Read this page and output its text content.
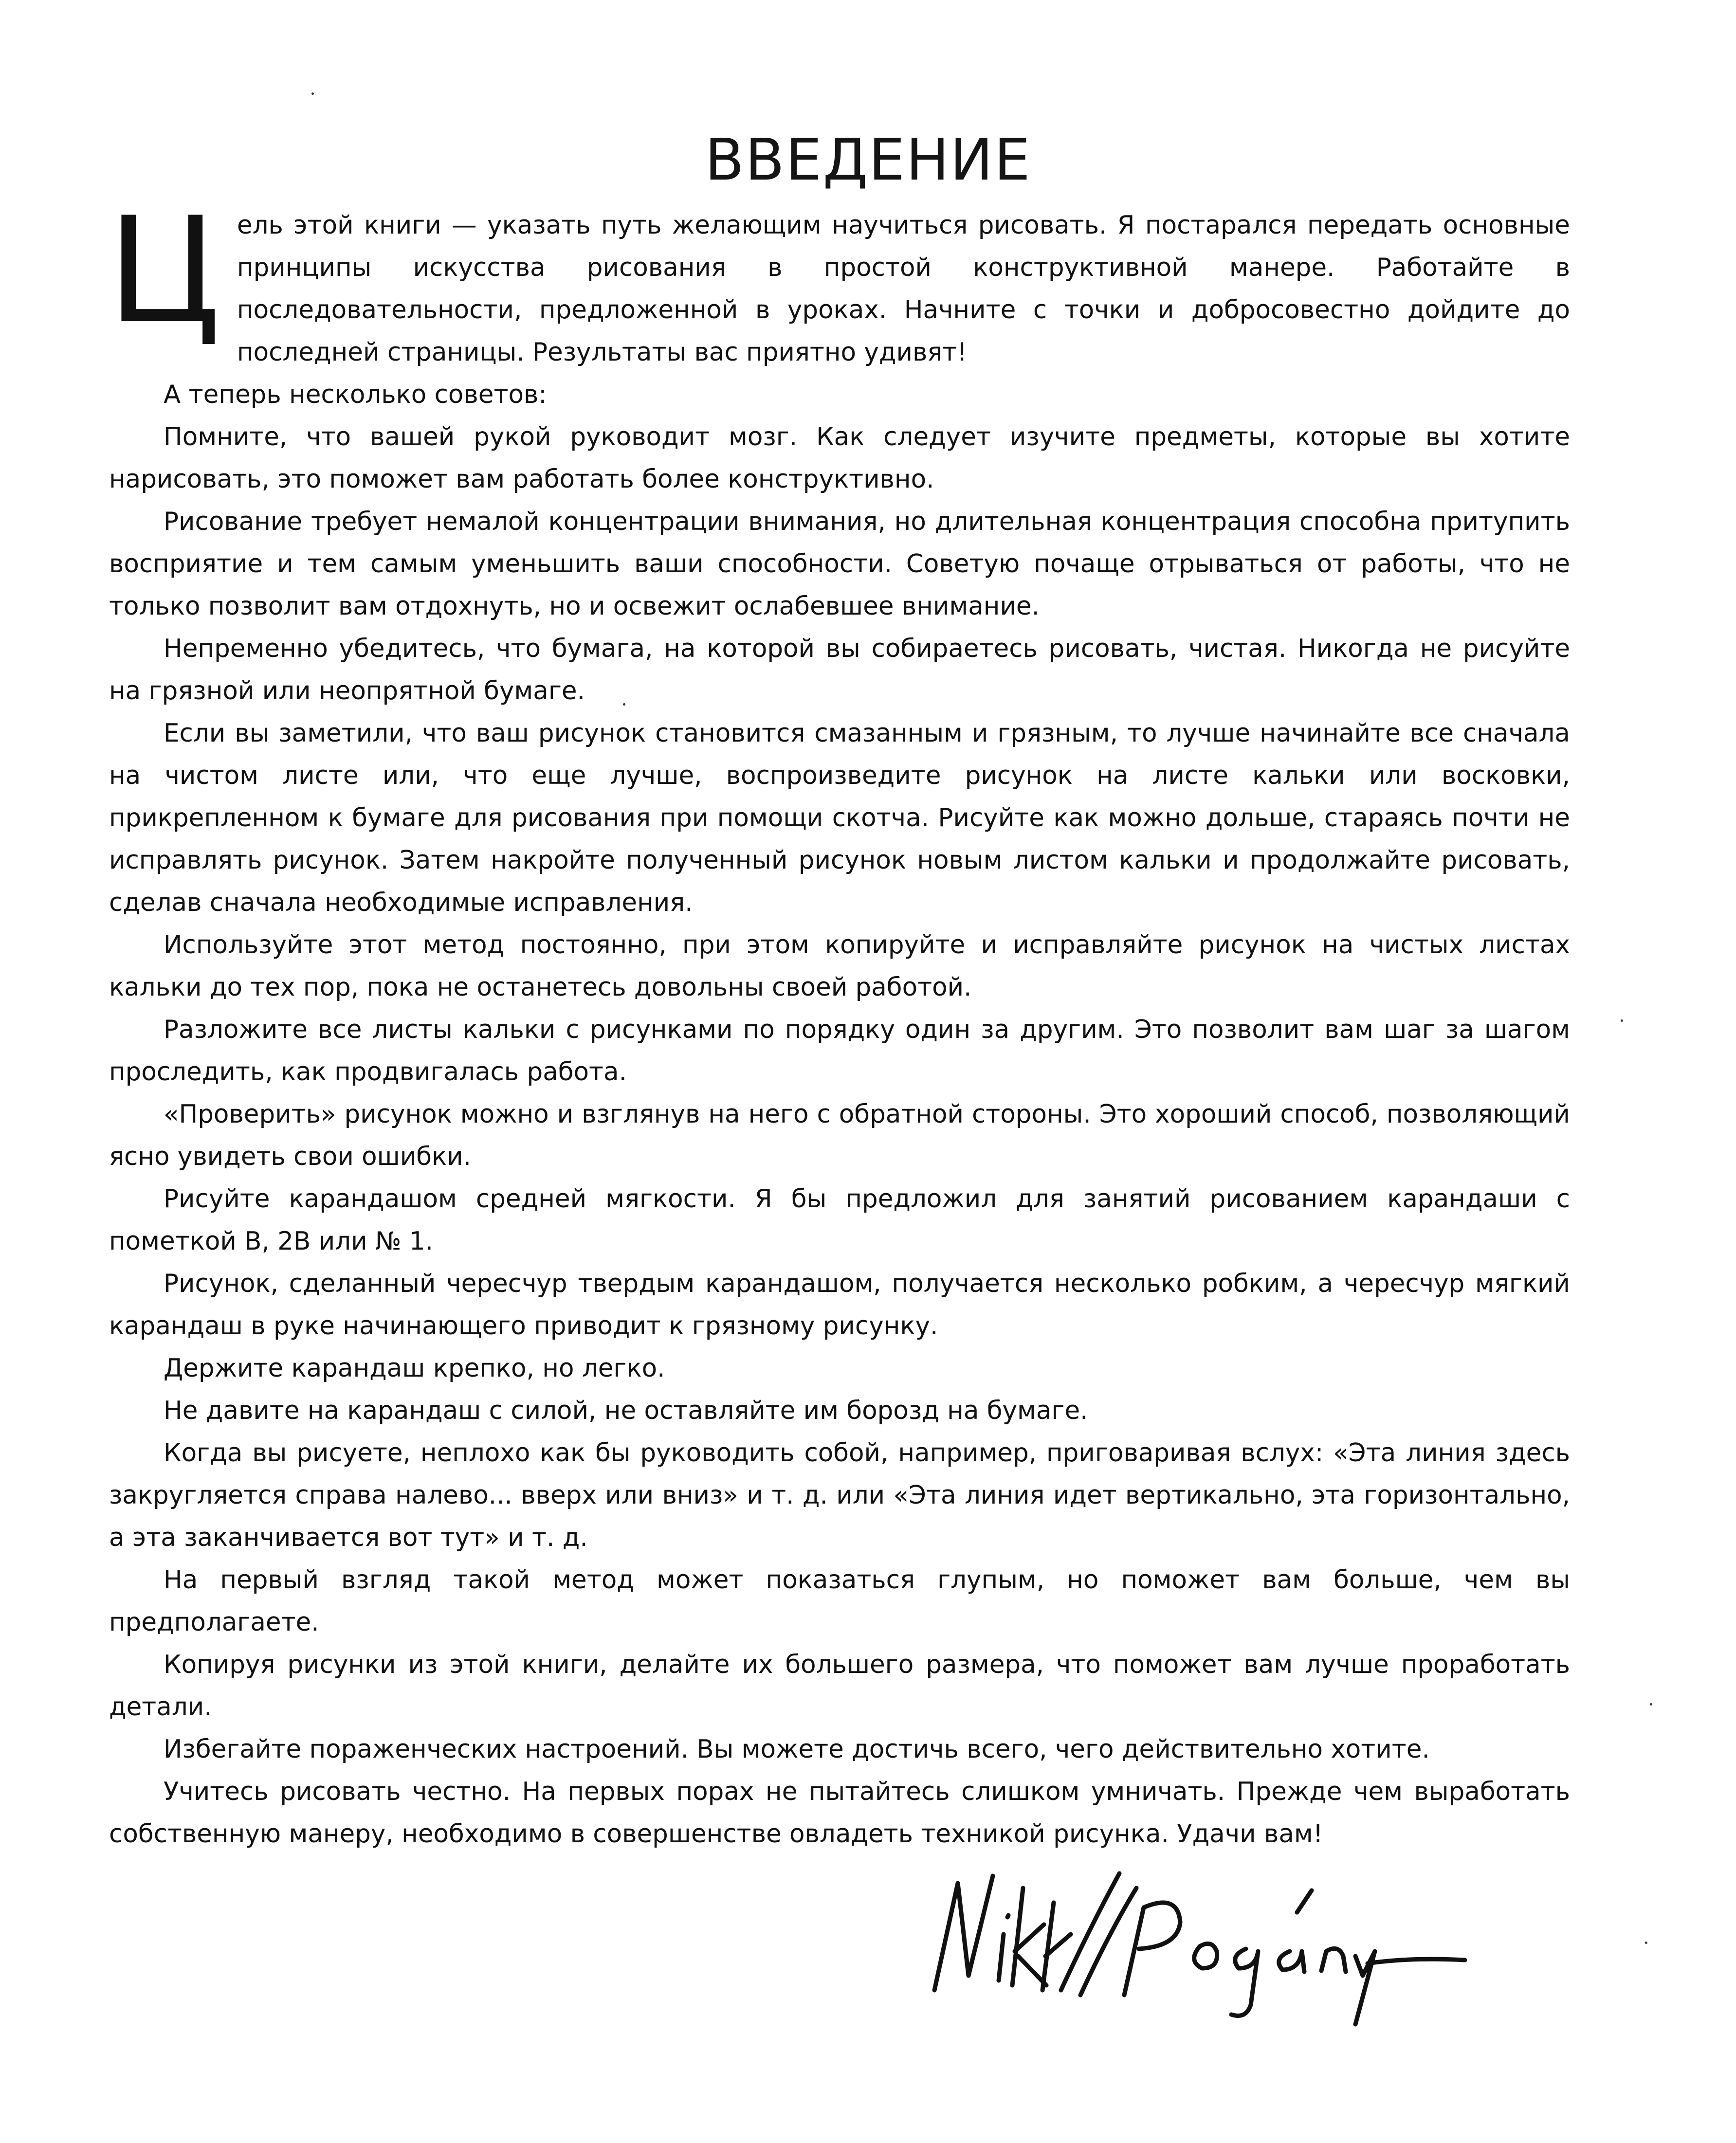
ВВЕДЕНИЕ

Цель этой книги — указать путь желающим научиться рисовать. Я постарался передать основные принципы искусства рисования в простой конструктивной манере. Работайте в последовательности, предложенной в уроках. Начните с точки и добросовестно дойдите до последней страницы. Результаты вас приятно удивят!

А теперь несколько советов:

Помните, что вашей рукой руководит мозг. Как следует изучите предметы, которые вы хотите нарисовать, это поможет вам работать более конструктивно.

Рисование требует немалой концентрации внимания, но длительная концентрация способна притупить восприятие и тем самым уменьшить ваши способности. Советую почаще отрываться от работы, что не только позволит вам отдохнуть, но и освежит ослабевшее внимание.

Непременно убедитесь, что бумага, на которой вы собираетесь рисовать, чистая. Никогда не рисуйте на грязной или неопрятной бумаге.

Если вы заметили, что ваш рисунок становится смазанным и грязным, то лучше начинайте все сначала на чистом листе или, что еще лучше, воспроизведите рисунок на листе кальки или восковки, прикрепленном к бумаге для рисования при помощи скотча. Рисуйте как можно дольше, стараясь почти не исправлять рисунок. Затем накройте полученный рисунок новым листом кальки и продолжайте рисовать, сделав сначала необходимые исправления.

Используйте этот метод постоянно, при этом копируйте и исправляйте рисунок на чистых листах кальки до тех пор, пока не останетесь довольны своей работой.

Разложите все листы кальки с рисунками по порядку один за другим. Это позволит вам шаг за шагом проследить, как продвигалась работа.

«Проверить» рисунок можно и взглянув на него с обратной стороны. Это хороший способ, позволяющий ясно увидеть свои ошибки.

Рисуйте карандашом средней мягкости. Я бы предложил для занятий рисованием карандаши с пометкой В, 2В или № 1.

Рисунок, сделанный чересчур твердым карандашом, получается несколько робким, а чересчур мягкий карандаш в руке начинающего приводит к грязному рисунку.

Держите карандаш крепко, но легко.

Не давите на карандаш с силой, не оставляйте им борозд на бумаге.

Когда вы рисуете, неплохо как бы руководить собой, например, приговаривая вслух: «Эта линия здесь закругляется справа налево... вверх или вниз» и т. д. или «Эта линия идет вертикально, эта горизонтально, а эта заканчивается вот тут» и т. д.

На первый взгляд такой метод может показаться глупым, но поможет вам больше, чем вы предполагаете.

Копируя рисунки из этой книги, делайте их большего размера, что поможет вам лучше проработать детали.

Избегайте пораженческих настроений. Вы можете достичь всего, чего действительно хотите.

Учитесь рисовать честно. На первых порах не пытайтесь слишком умничать. Прежде чем выработать собственную манеру, необходимо в совершенстве овладеть техникой рисунка. Удачи вам!
